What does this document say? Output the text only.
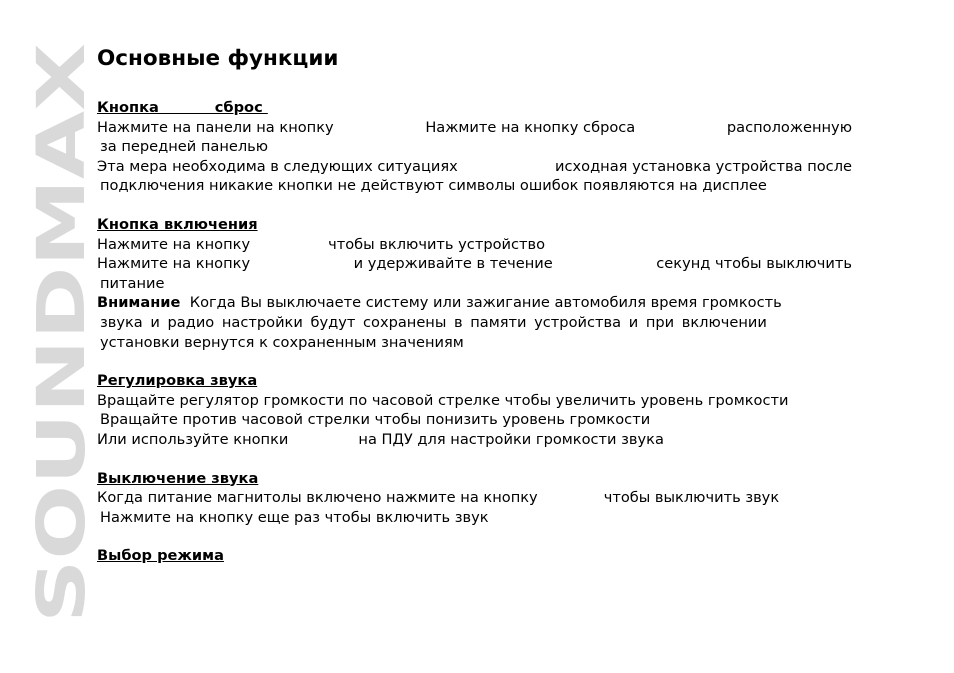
SOUNDMAX
Основные функции

Кнопка           сброс

Нажмите на панели на кнопку	Нажмите на кнопку сброса	расположенную

за передней панелью

Эта мера необходима в следующих ситуациях	исходная установка устройства после

подключения никакие кнопки не действуют символы ошибок появляются на дисплее

Кнопка включения

Нажмите на кнопку	чтобы включить устройство

Нажмите на кнопку	и удерживайте в течение	секунд чтобы выключить

питание

Внимание Когда Вы выключаете систему или зажигание автомобиля время громкость

звука и радио настройки будут сохранены в памяти устройства и при включении

установки вернутся к сохраненным значениям

Регулировка звука

Вращайте регулятор громкости по часовой стрелке чтобы увеличить уровень громкости

Вращайте против часовой стрелки чтобы понизить уровень громкости

Или используйте кнопки	на ПДУ для настройки громкости звука

Выключение звука

Когда питание магнитолы включено нажмите на кнопку	чтобы выключить звук

Нажмите на кнопку еще раз чтобы включить звук

Выбор режима
